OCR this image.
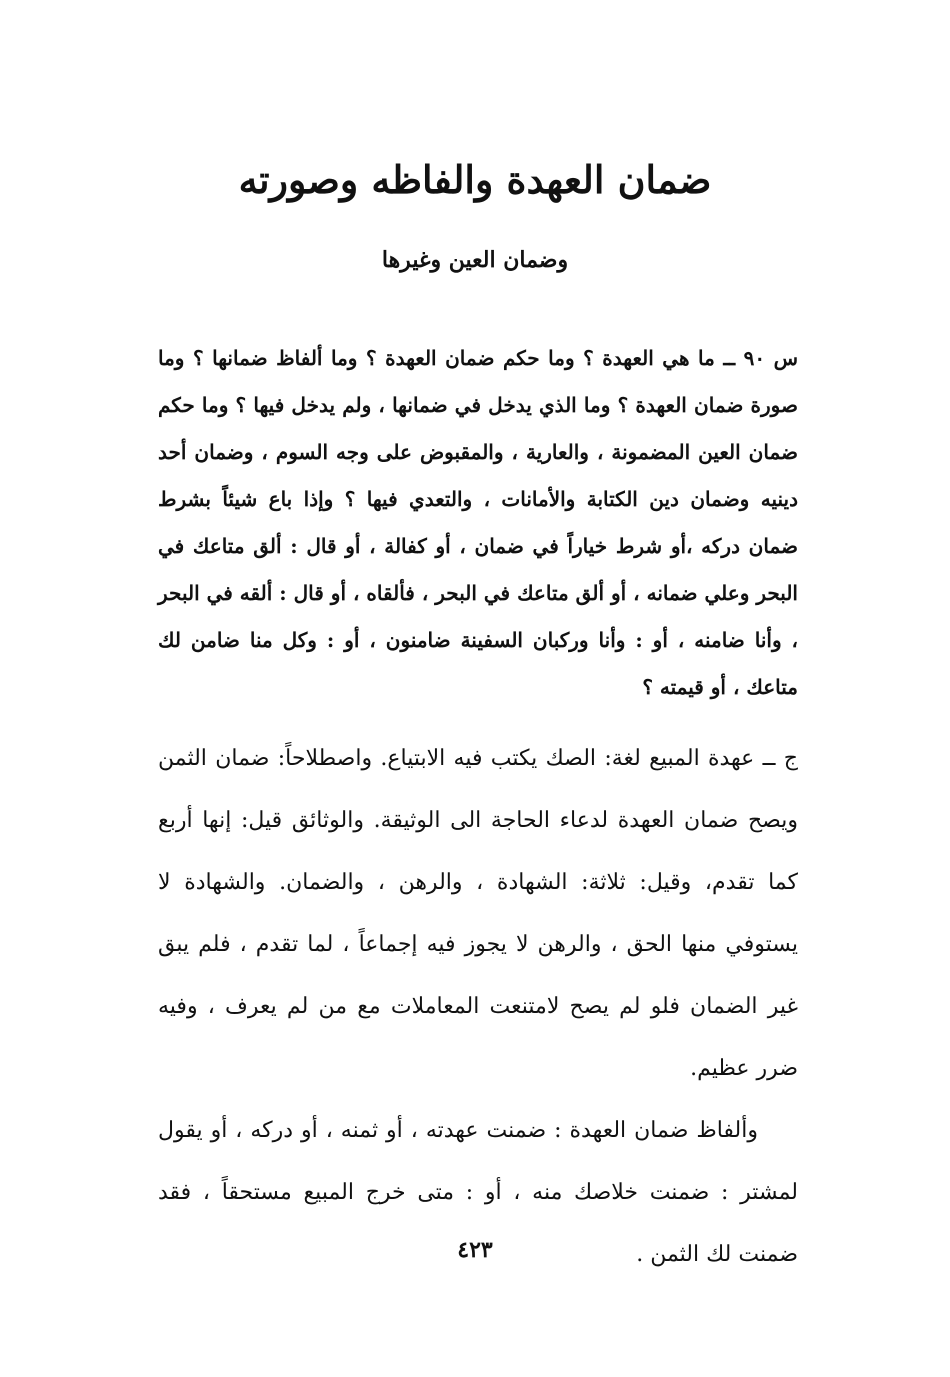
ضمان العهدة والفاظه وصورته
وضمان العين وغيرها

س ٩٠ ــ ما هي العهدة ؟ وما حكم ضمان العهدة ؟ وما ألفاظ ضمانها ؟ وما صورة ضمان العهدة ؟ وما الذي يدخل في ضمانها ، ولم يدخل فيها ؟ وما حكم ضمان العين المضمونة ، والعارية ، والمقبوض على وجه السوم ، وضمان أحد دينيه وضمان دين الكتابة والأمانات ، والتعدي فيها ؟ وإذا باع شيئاً بشرط ضمان دركه ،أو شرط خياراً في ضمان ، أو كفالة ، أو قال : ألق متاعك في البحر وعلي ضمانه ، أو ألق متاعك في البحر ، فألقاه ، أو قال : ألقه في البحر ، وأنا ضامنه ، أو : وأنا وركبان السفينة ضامنون ، أو : وكل منا ضامن لك متاعك ، أو قيمته ؟

ج ــ عهدة المبيع لغة: الصك يكتب فيه الابتياع. واصطلاحاً: ضمان الثمن ويصح ضمان العهدة لدعاء الحاجة الى الوثيقة. والوثائق قيل: إنها أربع كما تقدم، وقيل: ثلاثة: الشهادة ، والرهن ، والضمان. والشهادة لا يستوفي منها الحق ، والرهن لا يجوز فيه إجماعاً ، لما تقدم ، فلم يبق غير الضمان فلو لم يصح لامتنعت المعاملات مع من لم يعرف ، وفيه ضرر عظيم.

وألفاظ ضمان العهدة : ضمنت عهدته ، أو ثمنه ، أو دركه ، أو يقول لمشتر : ضمنت خلاصك منه ، أو : متى خرج المبيع مستحقاً ، فقد ضمنت لك الثمن .

٤٢٣
